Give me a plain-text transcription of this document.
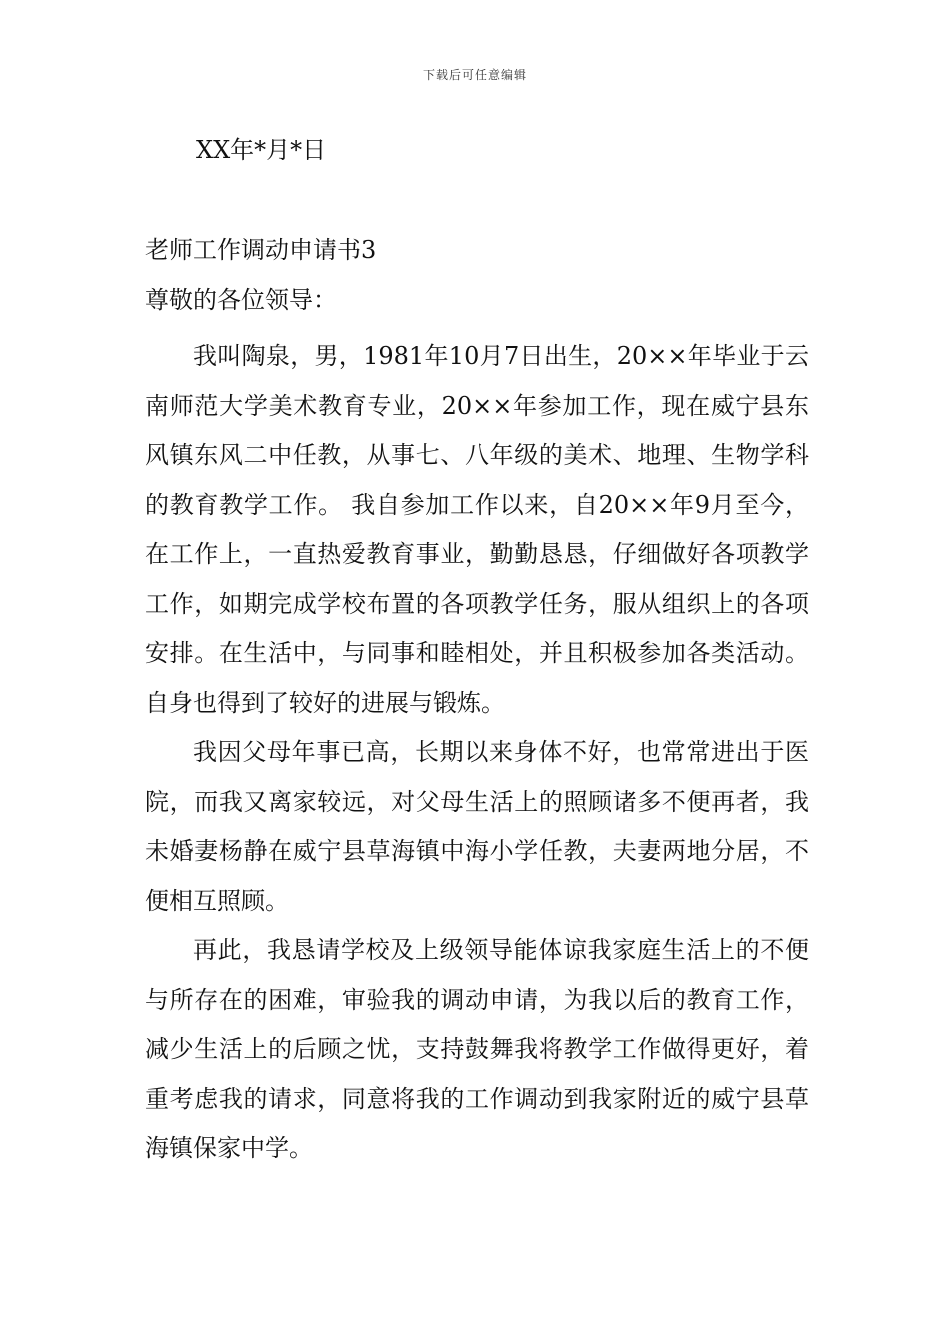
下载后可任意编辑
XX年*月*日
老师工作调动申请书3
尊敬的各位领导：

我叫陶泉，男，1981年10月7日出生，20××年毕业于云南师范大学美术教育专业，20××年参加工作，现在威宁县东风镇东风二中任教，从事七、八年级的美术、地理、生物学科的教育教学工作。 我自参加工作以来，自20××年9月至今，在工作上，一直热爱教育事业，勤勤恳恳，仔细做好各项教学工作，如期完成学校布置的各项教学任务，服从组织上的各项安排。在生活中，与同事和睦相处，并且积极参加各类活动。自身也得到了较好的进展与锻炼。

我因父母年事已高，长期以来身体不好，也常常进出于医院，而我又离家较远，对父母生活上的照顾诸多不便再者，我未婚妻杨静在威宁县草海镇中海小学任教，夫妻两地分居，不便相互照顾。

再此，我恳请学校及上级领导能体谅我家庭生活上的不便与所存在的困难，审验我的调动申请，为我以后的教育工作，减少生活上的后顾之忧，支持鼓舞我将教学工作做得更好，着重考虑我的请求，同意将我的工作调动到我家附近的威宁县草海镇保家中学。
